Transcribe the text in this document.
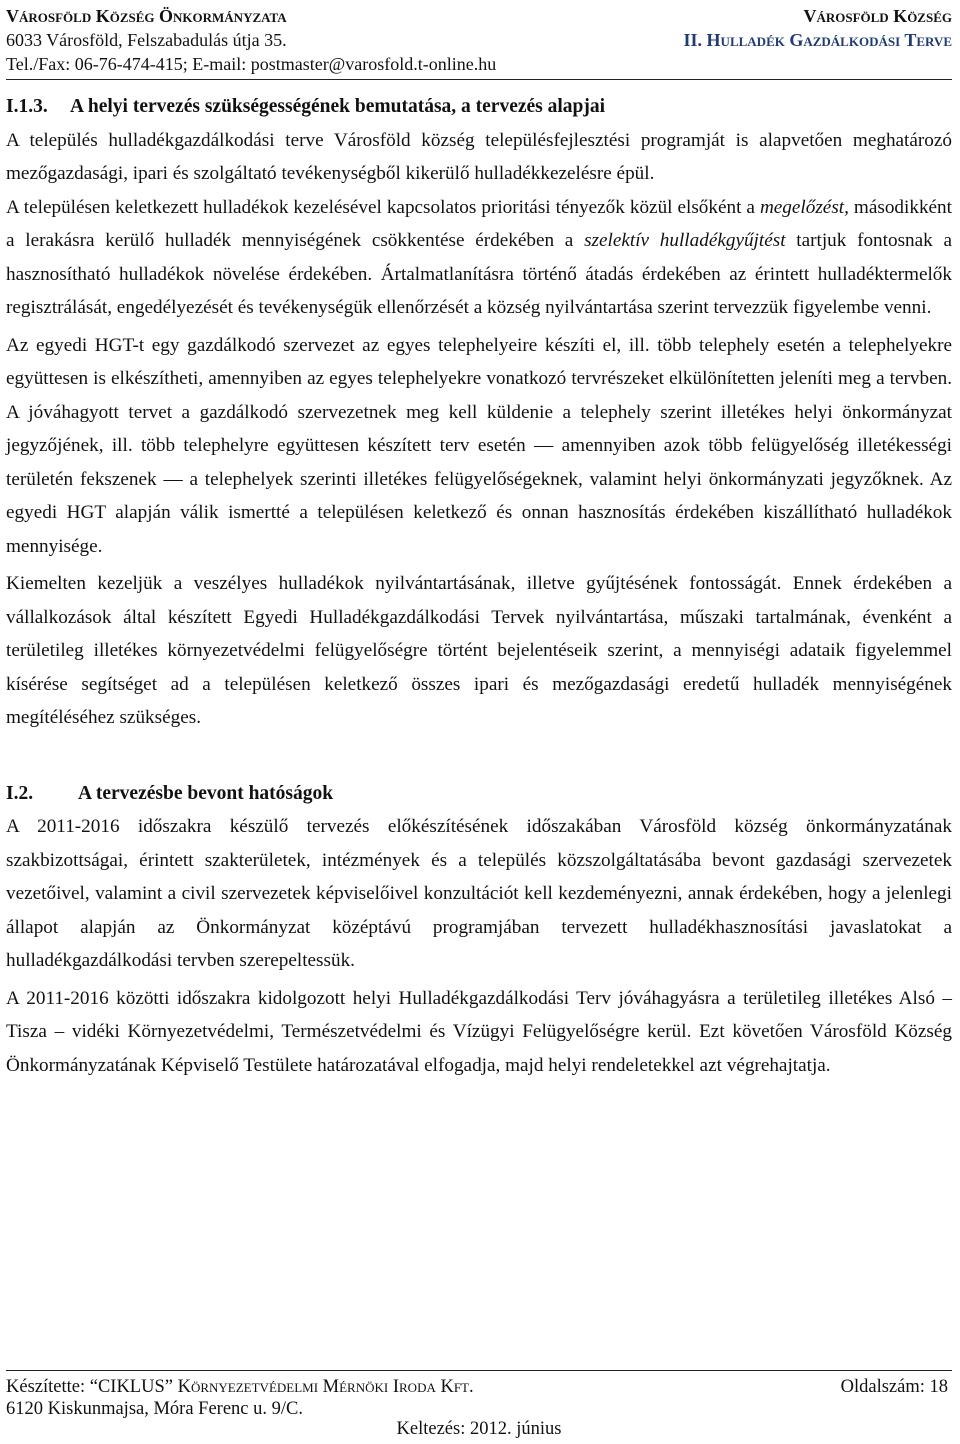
Városföld Község Önkormányzata	Városföld Község
6033 Városföld, Felszabadulás útja 35.	II. Hulladék Gazdálkodási Terve
Tel./Fax: 06-76-474-415; E-mail: postmaster@varosfold.t-online.hu
I.1.3. A helyi tervezés szükségességének bemutatása, a tervezés alapjai

A település hulladékgazdálkodási terve Városföld község településfejlesztési programját is alapvetően meghatározó mezőgazdasági, ipari és szolgáltató tevékenységből kikerülő hulladékkezelésre épül.

A településen keletkezett hulladékok kezelésével kapcsolatos prioritási tényezők közül elsőként a megelőzést, másodikként a lerakásra kerülő hulladék mennyiségének csökkentése érdekében a szelektív hulladékgyűjtést tartjuk fontosnak a hasznosítható hulladékok növelése érdekében. Ártalmatlanításra történő átadás érdekében az érintett hulladéktermelők regisztrálását, engedélyezését és tevékenységük ellenőrzését a község nyilvántartása szerint tervezzük figyelembe venni.

Az egyedi HGT-t egy gazdálkodó szervezet az egyes telephelyeire készíti el, ill. több telephely esetén a telephelyekre együttesen is elkészítheti, amennyiben az egyes telephelyekre vonatkozó tervrészeket elkülönítetten jeleníti meg a tervben. A jóváhagyott tervet a gazdálkodó szervezetnek meg kell küldenie a telephely szerint illetékes helyi önkormányzat jegyzőjének, ill. több telephelyre együttesen készített terv esetén — amennyiben azok több felügyelőség illetékességi területén fekszenek — a telephelyek szerinti illetékes felügyelőségeknek, valamint helyi önkormányzati jegyzőknek. Az egyedi HGT alapján válik ismertté a településen keletkező és onnan hasznosítás érdekében kiszállítható hulladékok mennyisége.

Kiemelten kezeljük a veszélyes hulladékok nyilvántartásának, illetve gyűjtésének fontosságát. Ennek érdekében a vállalkozások által készített Egyedi Hulladékgazdálkodási Tervek nyilvántartása, műszaki tartalmának, évenként a területileg illetékes környezetvédelmi felügyelőségre történt bejelentéseik szerint, a mennyiségi adataik figyelemmel kísérése segítséget ad a településen keletkező összes ipari és mezőgazdasági eredetű hulladék mennyiségének megítéléséhez szükséges.

I.2. A tervezésbe bevont hatóságok

A 2011-2016 időszakra készülő tervezés előkészítésének időszakában Városföld község önkormányzatának szakbizottságai, érintett szakterületek, intézmények és a település közszolgáltatásába bevont gazdasági szervezetek vezetőivel, valamint a civil szervezetek képviselőivel konzultációt kell kezdeményezni, annak érdekében, hogy a jelenlegi állapot alapján az Önkormányzat középtávú programjában tervezett hulladékhasznosítási javaslatokat a hulladékgazdálkodási tervben szerepeltessük.

A 2011-2016 közötti időszakra kidolgozott helyi Hulladékgazdálkodási Terv jóváhagyásra a területileg illetékes Alsó – Tisza – vidéki Környezetvédelmi, Természetvédelmi és Vízügyi Felügyelőségre kerül. Ezt követően Városföld Község Önkormányzatának Képviselő Testülete határozatával elfogadja, majd helyi rendeletekkel azt végrehajtatja.

Készítette: “CIKLUS” Környezetvédelmi Mérnöki Iroda Kft.	Oldalszám: 18
6120 Kiskunmajsa, Móra Ferenc u. 9/C.
Keltezés: 2012. június
